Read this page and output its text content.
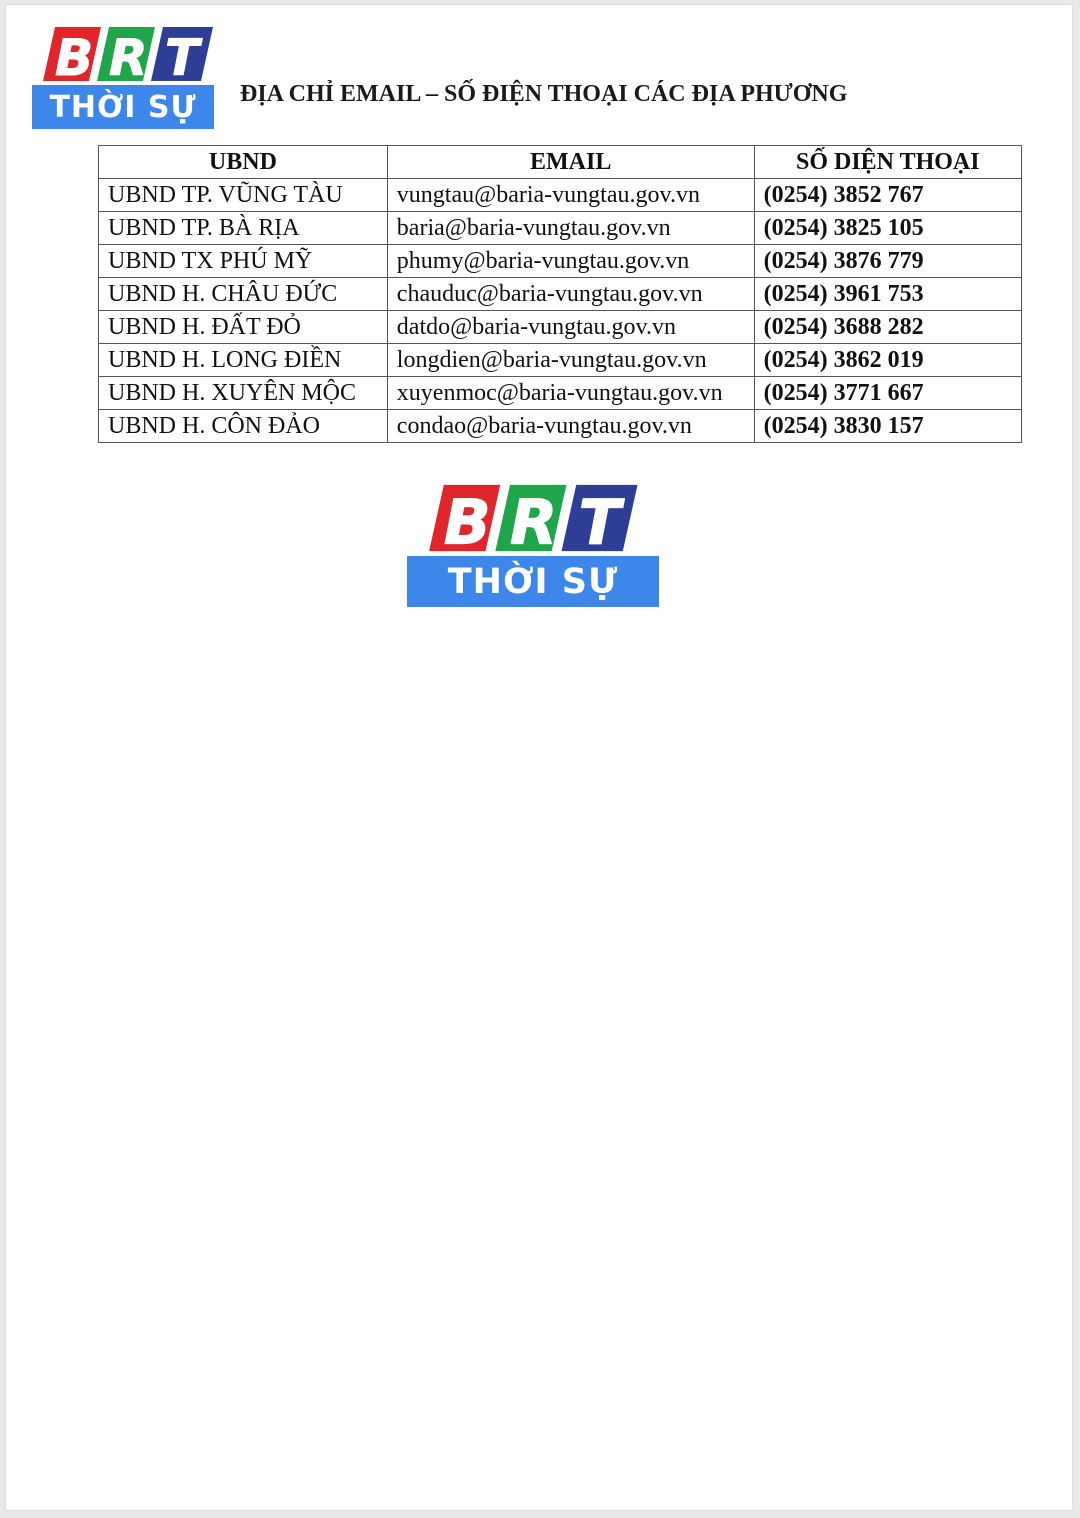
B R T
THỜI SỰ	ĐỊA CHỈ EMAIL – SỐ ĐIỆN THOẠI CÁC ĐỊA PHƯƠNG
UBND	EMAIL	SỐ DIỆN THOẠI
UBND TP. VŨNG TÀU	vungtau@baria-vungtau.gov.vn	(0254) 3852 767
UBND TP. BÀ RỊA	baria@baria-vungtau.gov.vn	(0254) 3825 105
UBND TX PHÚ MỸ	phumy@baria-vungtau.gov.vn	(0254) 3876 779
UBND H. CHÂU ĐỨC	chauduc@baria-vungtau.gov.vn	(0254) 3961 753
UBND H. ĐẤT ĐỎ	datdo@baria-vungtau.gov.vn	(0254) 3688 282
UBND H. LONG ĐIỀN	longdien@baria-vungtau.gov.vn	(0254) 3862 019
UBND H. XUYÊN MỘC	xuyenmoc@baria-vungtau.gov.vn	(0254) 3771 667
UBND H. CÔN ĐẢO	condao@baria-vungtau.gov.vn	(0254) 3830 157
B R T
THỜI SỰ
